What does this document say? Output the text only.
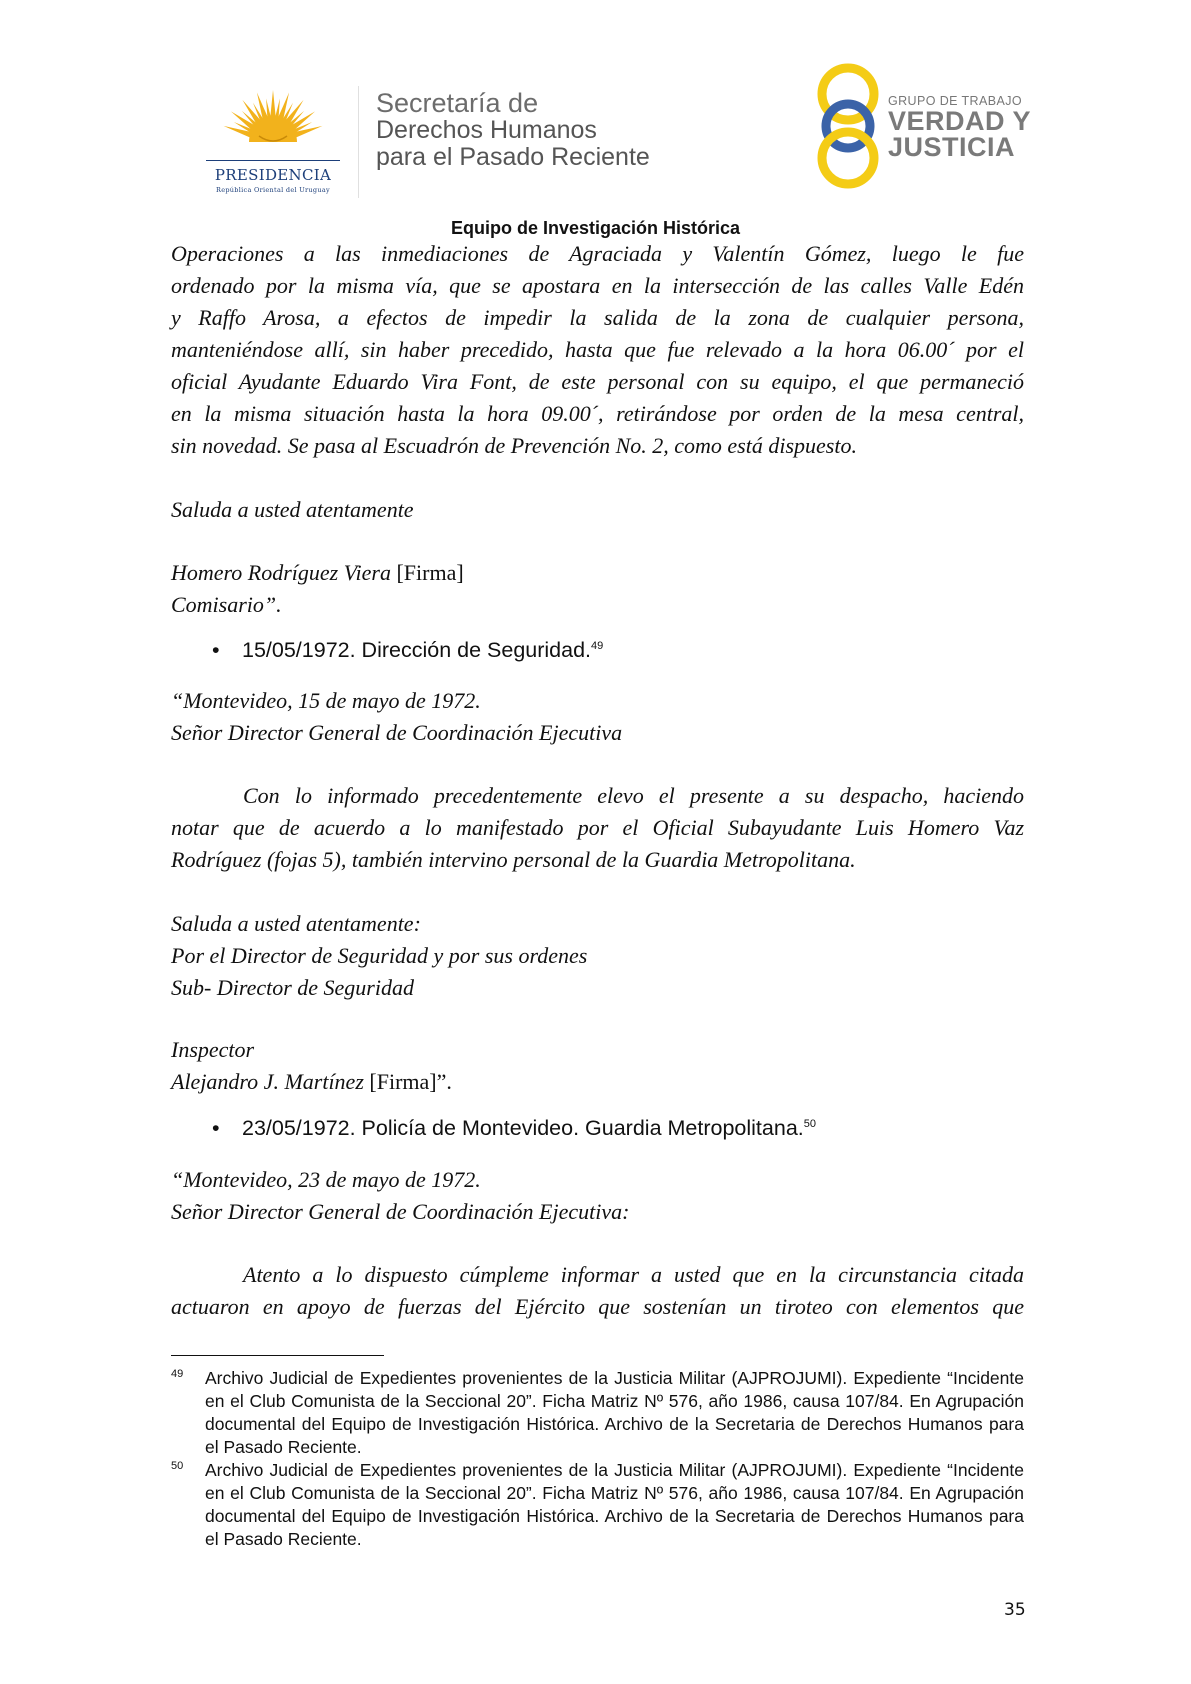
PRESIDENCIA
República Oriental del Uruguay
Secretaría de
Derechos Humanos
para el Pasado Reciente
GRUPO DE TRABAJO
VERDAD Y
JUSTICIA
Equipo de Investigación Histórica
Operaciones a las inmediaciones de Agraciada y Valentín Gómez, luego le fue
ordenado por la misma vía, que se apostara en la intersección de las calles Valle Edén
y Raffo Arosa, a efectos de impedir la salida de la zona de cualquier persona,
manteniéndose allí, sin haber precedido, hasta que fue relevado a la hora 06.00´ por el
oficial Ayudante Eduardo Vira Font, de este personal con su equipo, el que permaneció
en la misma situación hasta la hora 09.00´, retirándose por orden de la mesa central,
sin novedad. Se pasa al Escuadrón de Prevención No. 2, como está dispuesto.
Saluda a usted atentamente
Homero Rodríguez Viera [Firma]
Comisario”.
• 15/05/1972. Dirección de Seguridad.$^{49}$
“Montevideo, 15 de mayo de 1972.
Señor Director General de Coordinación Ejecutiva
Con lo informado precedentemente elevo el presente a su despacho, haciendo
notar que de acuerdo a lo manifestado por el Oficial Subayudante Luis Homero Vaz
Rodríguez (fojas 5), también intervino personal de la Guardia Metropolitana.
Saluda a usted atentamente:
Por el Director de Seguridad y por sus ordenes
Sub- Director de Seguridad
Inspector
Alejandro J. Martínez [Firma]”.
• 23/05/1972. Policía de Montevideo. Guardia Metropolitana.$^{50}$
“Montevideo, 23 de mayo de 1972.
Señor Director General de Coordinación Ejecutiva:
Atento a lo dispuesto cúmpleme informar a usted que en la circunstancia citada
actuaron en apoyo de fuerzas del Ejército que sostenían un tiroteo con elementos que
49 Archivo Judicial de Expedientes provenientes de la Justicia Militar (AJPROJUMI). Expediente “Incidente en el Club Comunista de la Seccional 20”. Ficha Matriz Nº 576, año 1986, causa 107/84. En Agrupación documental del Equipo de Investigación Histórica. Archivo de la Secretaria de Derechos Humanos para el Pasado Reciente.
50 Archivo Judicial de Expedientes provenientes de la Justicia Militar (AJPROJUMI). Expediente “Incidente en el Club Comunista de la Seccional 20”. Ficha Matriz Nº 576, año 1986, causa 107/84. En Agrupación documental del Equipo de Investigación Histórica. Archivo de la Secretaria de Derechos Humanos para el Pasado Reciente.
35
